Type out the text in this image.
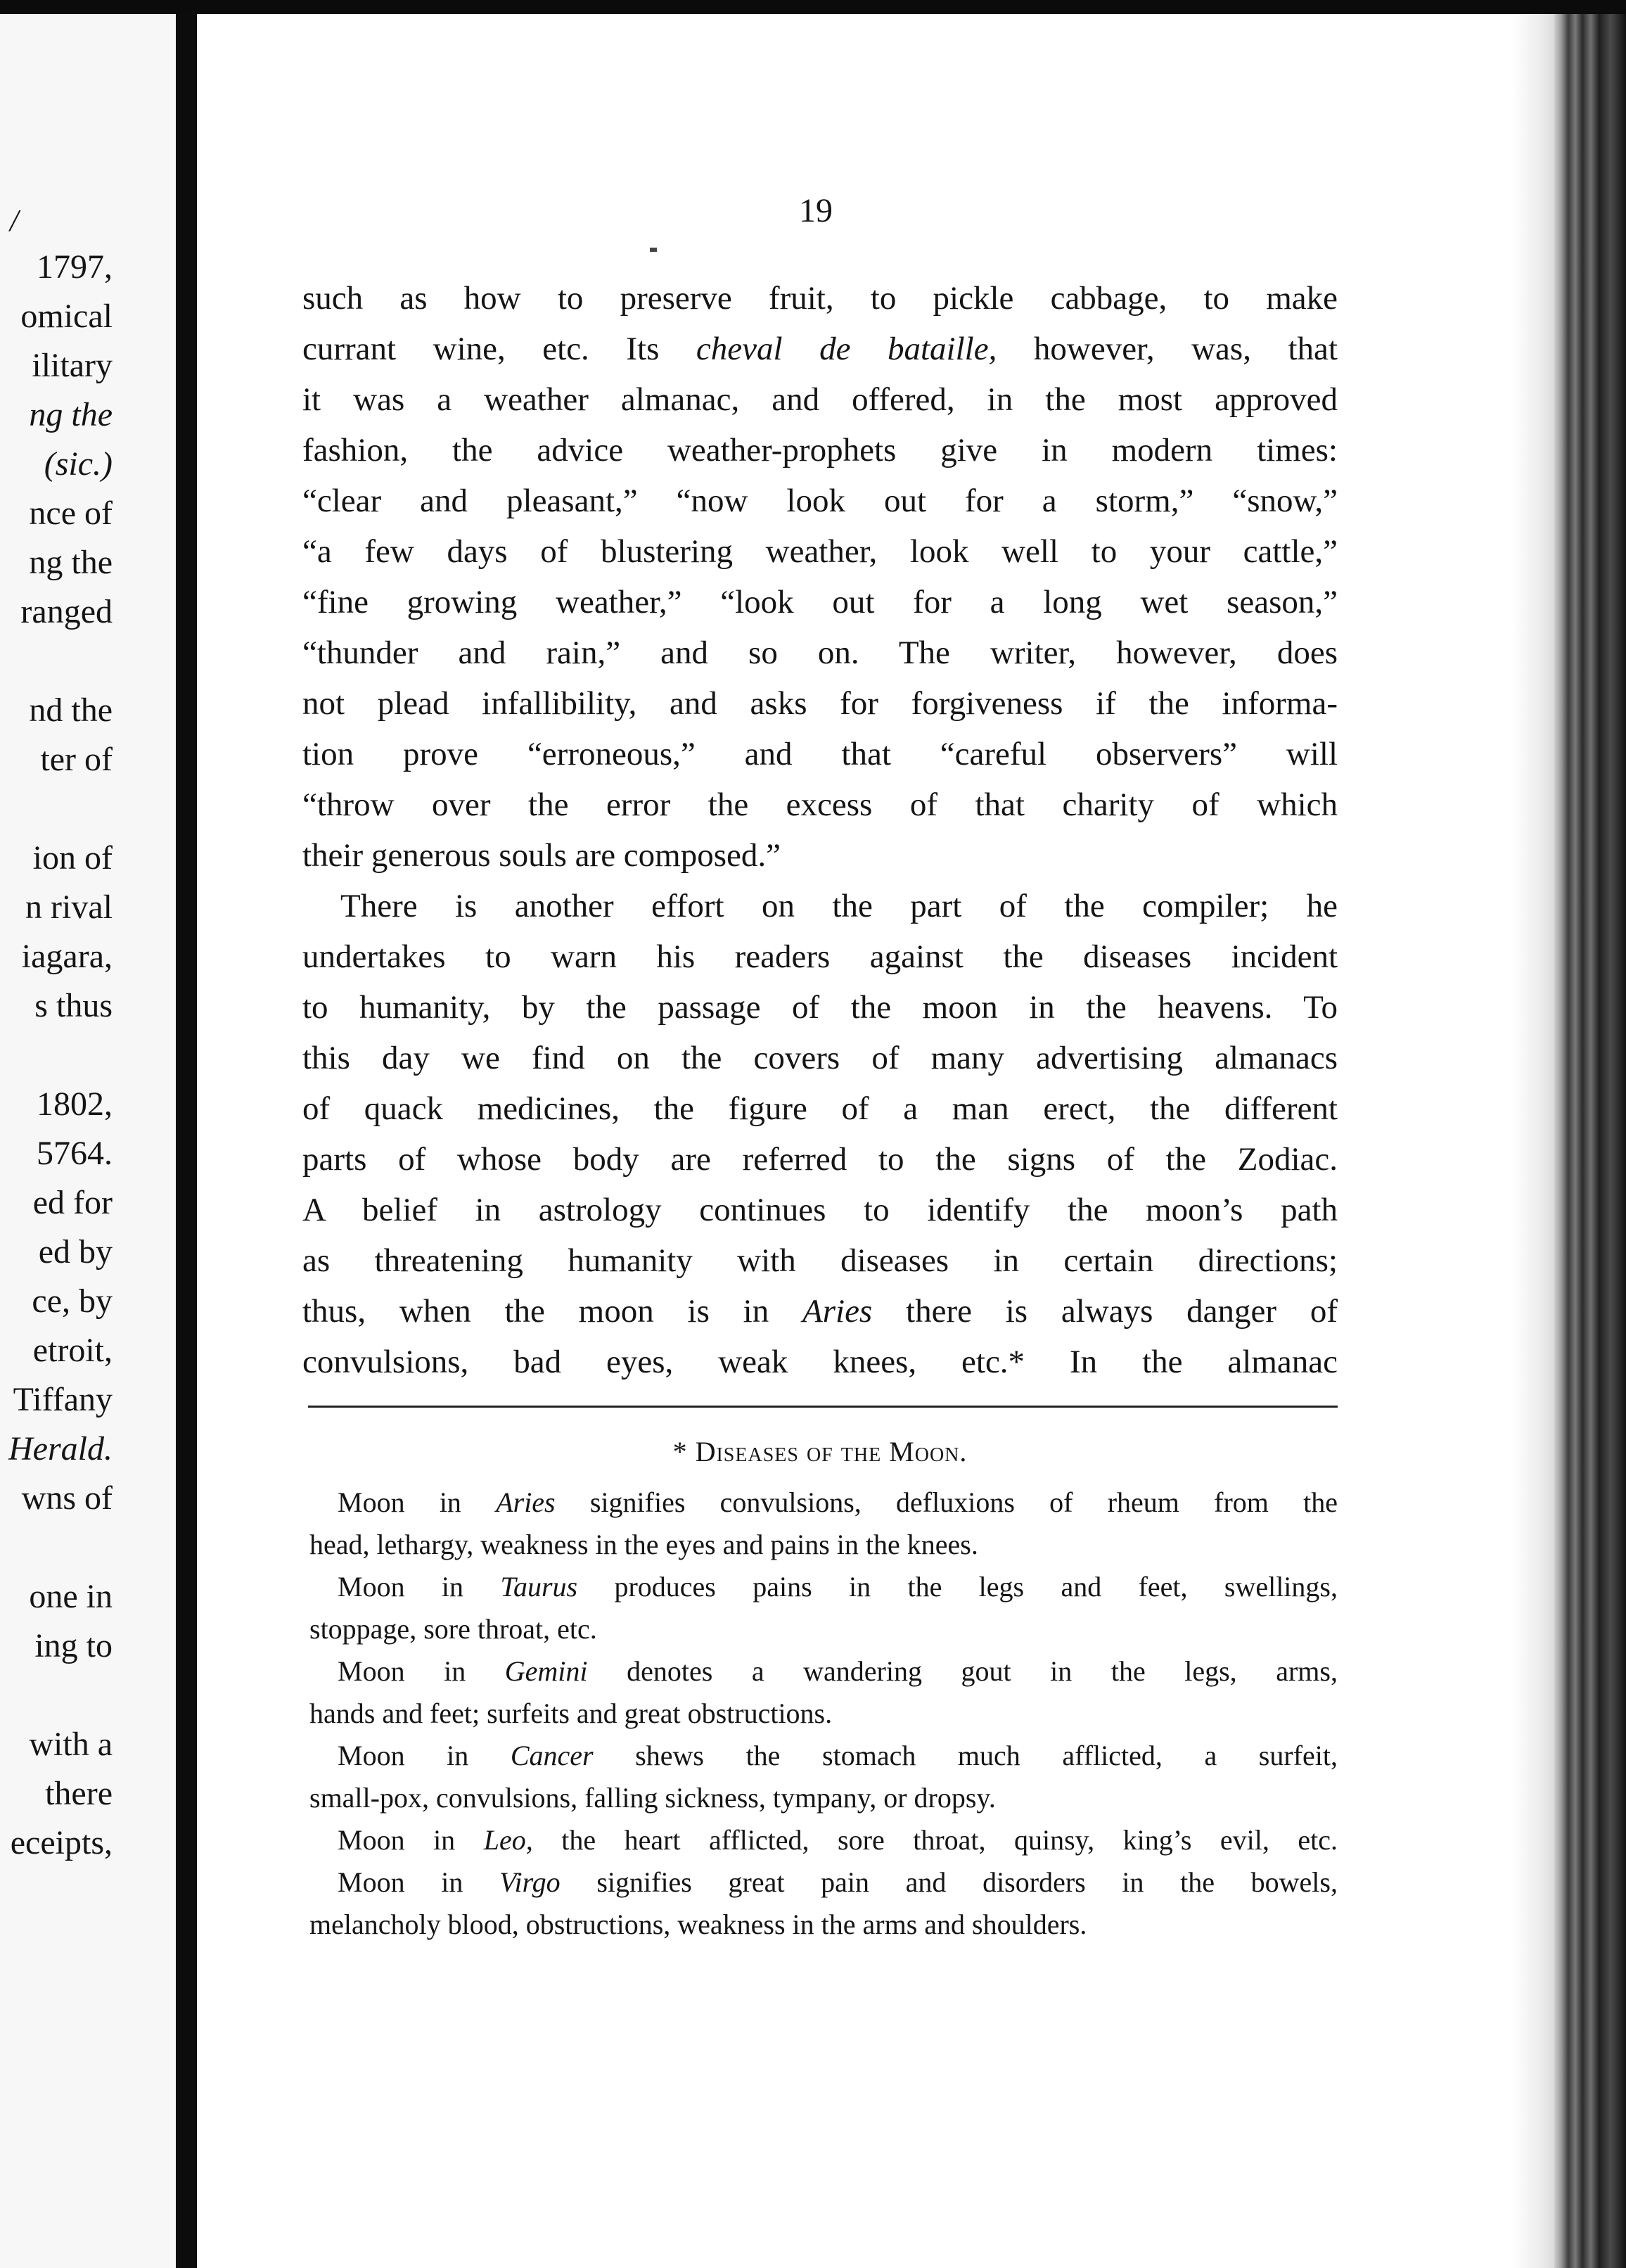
/

1797,

omical

ilitary

ng the

(sic.)

nce of

ng the

ranged

nd the

ter of

ion of

n rival

iagara,

s thus

1802,

5764.

ed for

ed by

ce, by

etroit,

Tiffany

Herald.

wns of

one in

ing to

with a

there

eceipts,

19
such as how to preserve fruit, to pickle cabbage, to make
currant wine, etc. Its cheval de bataille, however, was, that
it was a weather almanac, and offered, in the most approved
fashion, the advice weather-prophets give in modern times:
“clear and pleasant,” “now look out for a storm,” “snow,”
“a few days of blustering weather, look well to your cattle,”
“fine growing weather,” “look out for a long wet season,”
“thunder and rain,” and so on. The writer, however, does
not plead infallibility, and asks for forgiveness if the informa-
tion prove “erroneous,” and that “careful observers” will
“throw over the error the excess of that charity of which
their generous souls are composed.”
There is another effort on the part of the compiler; he
undertakes to warn his readers against the diseases incident
to humanity, by the passage of the moon in the heavens. To
this day we find on the covers of many advertising almanacs
of quack medicines, the figure of a man erect, the different
parts of whose body are referred to the signs of the Zodiac.
A belief in astrology continues to identify the moon’s path
as threatening humanity with diseases in certain directions;
thus, when the moon is in Aries there is always danger of
convulsions, bad eyes, weak knees, etc.* In the almanac
* Diseases of the Moon.
Moon in Aries signifies convulsions, defluxions of rheum from the
head, lethargy, weakness in the eyes and pains in the knees.
Moon in Taurus produces pains in the legs and feet, swellings,
stoppage, sore throat, etc.
Moon in Gemini denotes a wandering gout in the legs, arms,
hands and feet; surfeits and great obstructions.
Moon in Cancer shews the stomach much afflicted, a surfeit,
small-pox, convulsions, falling sickness, tympany, or dropsy.
Moon in Leo, the heart afflicted, sore throat, quinsy, king’s evil, etc.
Moon in Virgo signifies great pain and disorders in the bowels,
melancholy blood, obstructions, weakness in the arms and shoulders.
